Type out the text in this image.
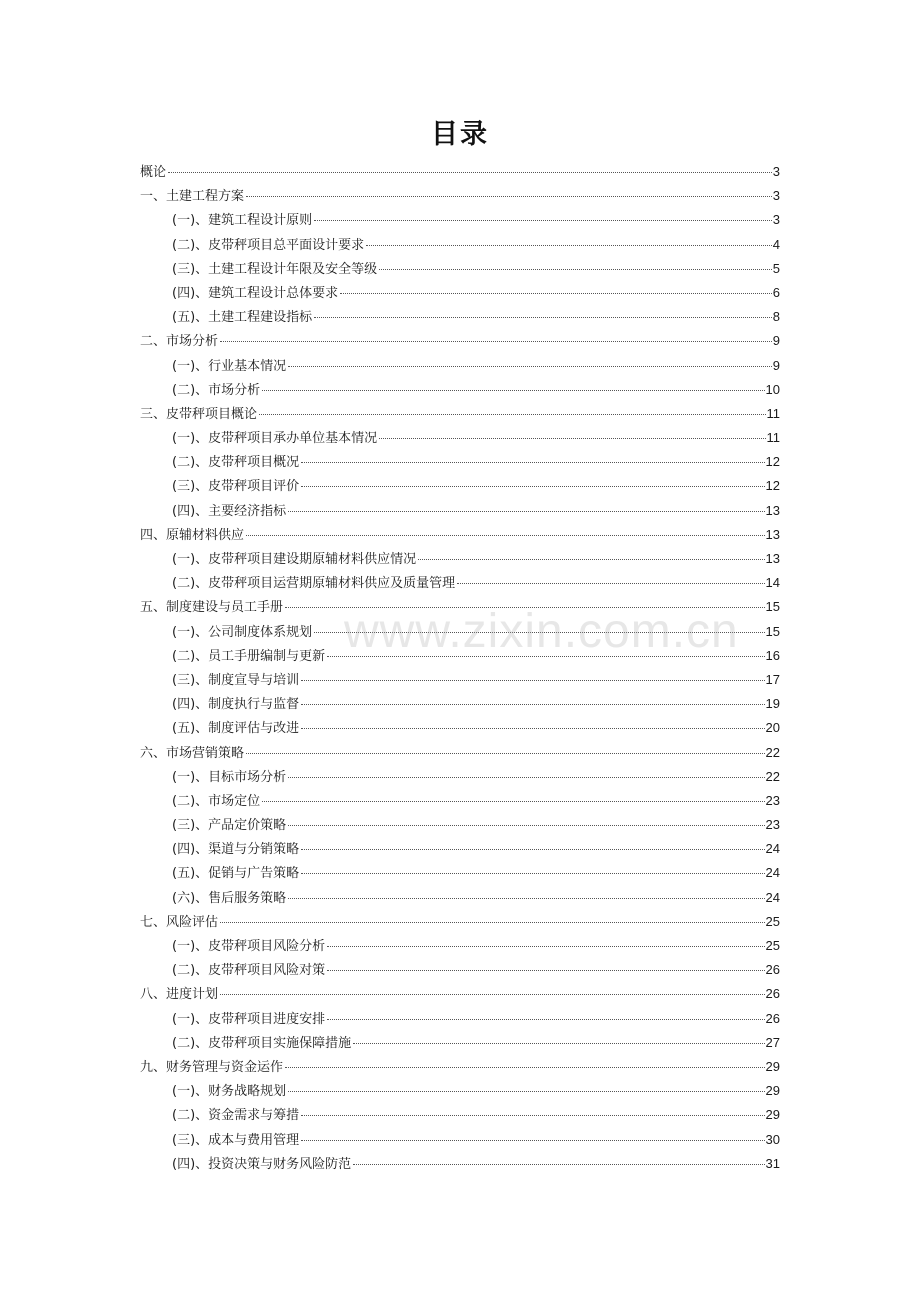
目录
概论	3
一、土建工程方案	3
(一)、建筑工程设计原则	3
(二)、皮带秤项目总平面设计要求	4
(三)、土建工程设计年限及安全等级	5
(四)、建筑工程设计总体要求	6
(五)、土建工程建设指标	8
二、市场分析	9
(一)、行业基本情况	9
(二)、市场分析	10
三、皮带秤项目概论	11
(一)、皮带秤项目承办单位基本情况	11
(二)、皮带秤项目概况	12
(三)、皮带秤项目评价	12
(四)、主要经济指标	13
四、原辅材料供应	13
(一)、皮带秤项目建设期原辅材料供应情况	13
(二)、皮带秤项目运营期原辅材料供应及质量管理	14
五、制度建设与员工手册	15
(一)、公司制度体系规划	15
(二)、员工手册编制与更新	16
(三)、制度宣导与培训	17
(四)、制度执行与监督	19
(五)、制度评估与改进	20
六、市场营销策略	22
(一)、目标市场分析	22
(二)、市场定位	23
(三)、产品定价策略	23
(四)、渠道与分销策略	24
(五)、促销与广告策略	24
(六)、售后服务策略	24
七、风险评估	25
(一)、皮带秤项目风险分析	25
(二)、皮带秤项目风险对策	26
八、进度计划	26
(一)、皮带秤项目进度安排	26
(二)、皮带秤项目实施保障措施	27
九、财务管理与资金运作	29
(一)、财务战略规划	29
(二)、资金需求与筹措	29
(三)、成本与费用管理	30
(四)、投资决策与财务风险防范	31
www.zixin.com.cn
